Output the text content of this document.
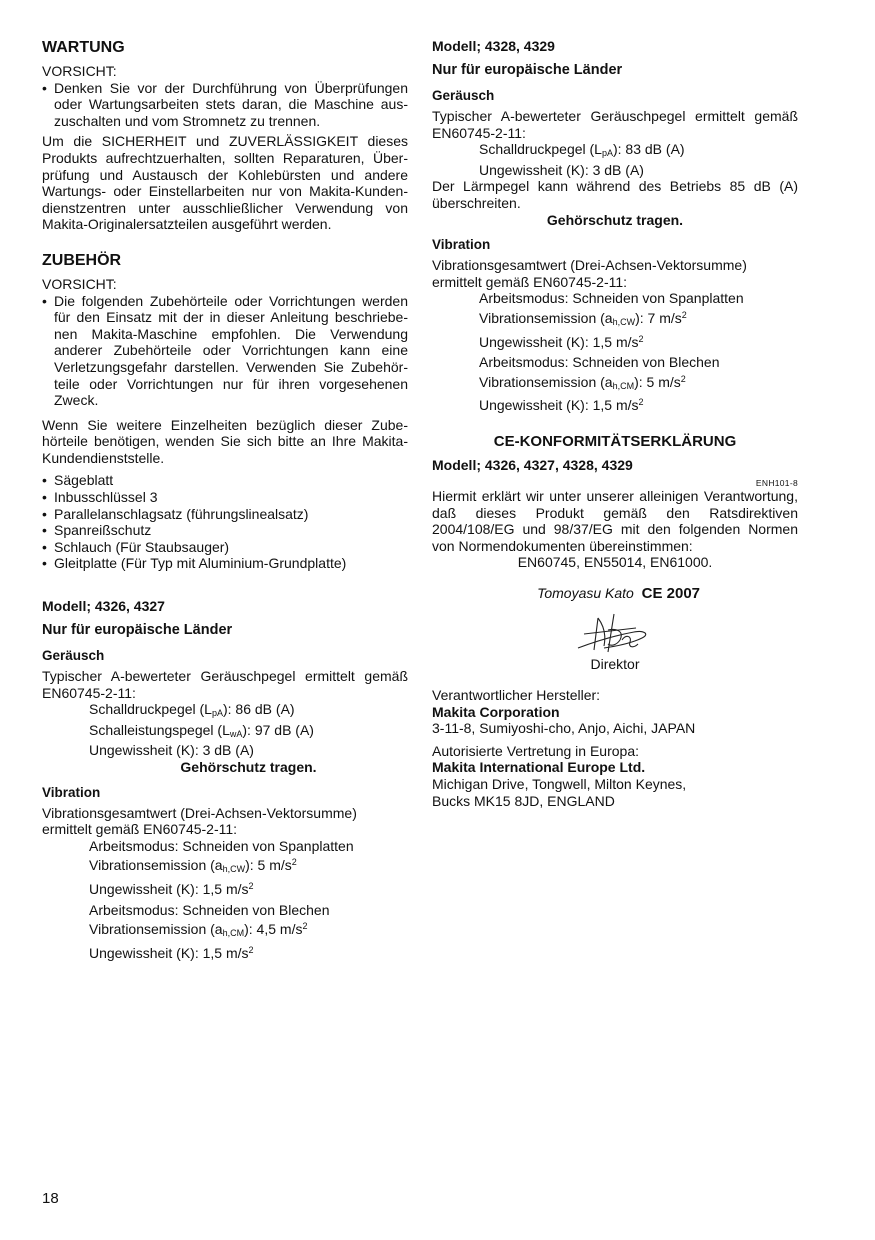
WARTUNG

VORSICHT:

• Denken Sie vor der Durchführung von Überprüfungen oder Wartungsarbeiten stets daran, die Maschine aus- zuschalten und vom Stromnetz zu trennen.

Um die SICHERHEIT und ZUVERLÄSSIGKEIT dieses Produkts aufrechtzuerhalten, sollten Reparaturen, Über- prüfung und Austausch der Kohlebürsten und andere Wartungs- oder Einstellarbeiten nur von Makita-Kunden- dienstzentren unter ausschließlicher Verwendung von Makita-Originalersatzteilen ausgeführt werden.

ZUBEHÖR

VORSICHT:

• Die folgenden Zubehörteile oder Vorrichtungen werden für den Einsatz mit der in dieser Anleitung beschriebe- nen Makita-Maschine empfohlen. Die Verwendung anderer Zubehörteile oder Vorrichtungen kann eine Verletzungsgefahr darstellen. Verwenden Sie Zubehör- teile oder Vorrichtungen nur für ihren vorgesehenen Zweck.

Wenn Sie weitere Einzelheiten bezüglich dieser Zube- hörteile benötigen, wenden Sie sich bitte an Ihre Makita- Kundendienststelle.

• Sägeblatt
• Inbusschlüssel 3
• Parallelanschlagsatz (führungslinealsatz)
• Spanreißschutz
• Schlauch (Für Staubsauger)
• Gleitplatte (Für Typ mit Aluminium-Grundplatte)
Modell; 4326, 4327
Nur für europäische Länder
Geräusch

Typischer A-bewerteter Geräuschpegel ermittelt gemäß EN60745-2-11:

Schalldruckpegel $(L_{pA})$: 86 dB (A)

Schalleistungspegel $(L_{wA})$: 97 dB (A)

Ungewissheit (K): 3 dB (A)

Gehörschutz tragen.

Vibration

Vibrationsgesamtwert (Drei-Achsen-Vektorsumme) ermittelt gemäß EN60745-2-11:

Arbeitsmodus: Schneiden von Spanplatten

Vibrationsemission $(a_{h,CW})$: 5 $m/s^2$

Ungewissheit (K): 1,5 $m/s^2$

Arbeitsmodus: Schneiden von Blechen

Vibrationsemission $(a_{h,CM})$: 4,5 $m/s^2$

Ungewissheit (K): 1,5 $m/s^2$

Modell; 4328, 4329
Nur für europäische Länder
Geräusch

Typischer A-bewerteter Geräuschpegel ermittelt gemäß EN60745-2-11:

Schalldruckpegel $(L_{pA})$: 83 dB (A)

Ungewissheit (K): 3 dB (A)

Der Lärmpegel kann während des Betriebs 85 dB (A) überschreiten.

Gehörschutz tragen.

Vibration

Vibrationsgesamtwert (Drei-Achsen-Vektorsumme) ermittelt gemäß EN60745-2-11:

Arbeitsmodus: Schneiden von Spanplatten

Vibrationsemission $(a_{h,CW})$: 7 $m/s^2$

Ungewissheit (K): 1,5 $m/s^2$

Arbeitsmodus: Schneiden von Blechen

Vibrationsemission $(a_{h,CM})$: 5 $m/s^2$

Ungewissheit (K): 1,5 $m/s^2$

CE-KONFORMITÄTSERKLÄRUNG
Modell; 4326, 4327, 4328, 4329

ENH101-8

Hiermit erklärt wir unter unserer alleinigen Verantwortung, daß dieses Produkt gemäß den Ratsdirektiven 2004/108/EG und 98/37/EG mit den folgenden Normen von Normendokumenten übereinstimmen:

EN60745, EN55014, EN61000.

Tomoyasu Kato CE 2007

Direktor

Verantwortlicher Hersteller:

Makita Corporation

3-11-8, Sumiyoshi-cho, Anjo, Aichi, JAPAN

Autorisierte Vertretung in Europa:

Makita International Europe Ltd.

Michigan Drive, Tongwell, Milton Keynes,

Bucks MK15 8JD, ENGLAND

18
